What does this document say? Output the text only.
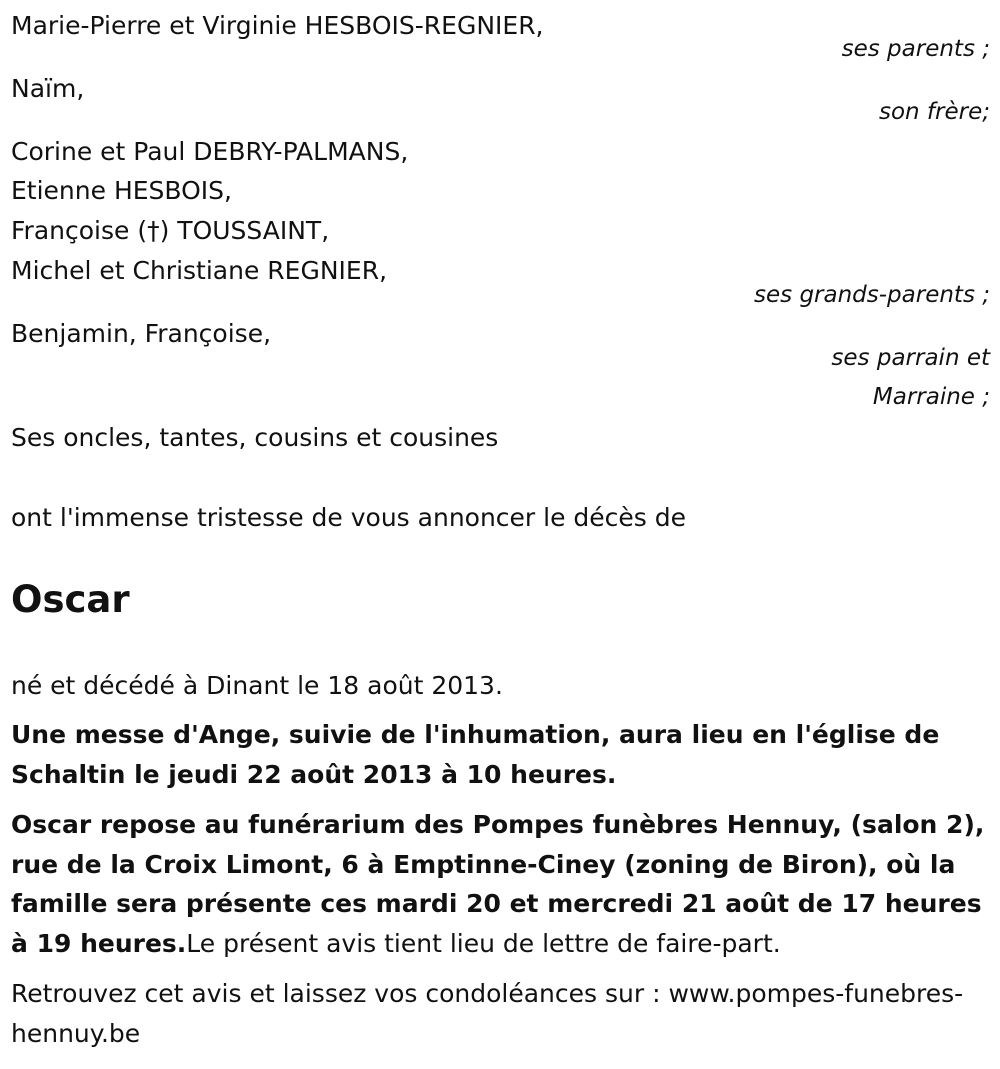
Marie-Pierre et Virginie HESBOIS-REGNIER,
ses parents ;
Naïm,
son frère;
Corine et Paul DEBRY-PALMANS,
Etienne HESBOIS,
Françoise (†) TOUSSAINT,
Michel et Christiane REGNIER,
ses grands-parents ;
Benjamin, Françoise,
ses parrain et
Marraine ;
Ses oncles, tantes, cousins et cousines
ont l'immense tristesse de vous annoncer le décès de
Oscar
né et décédé à Dinant le 18 août 2013.
Une messe d'Ange, suivie de l'inhumation, aura lieu en l'église de Schaltin le jeudi 22 août 2013 à 10 heures.
Oscar repose au funérarium des Pompes funèbres Hennuy, (salon 2), rue de la Croix Limont, 6 à Emptinne-Ciney (zoning de Biron), où la famille sera présente ces mardi 20 et mercredi 21 août de 17 heures à 19 heures.Le présent avis tient lieu de lettre de faire-part.
Retrouvez cet avis et laissez vos condoléances sur : www.pompes-funebres-hennuy.be
